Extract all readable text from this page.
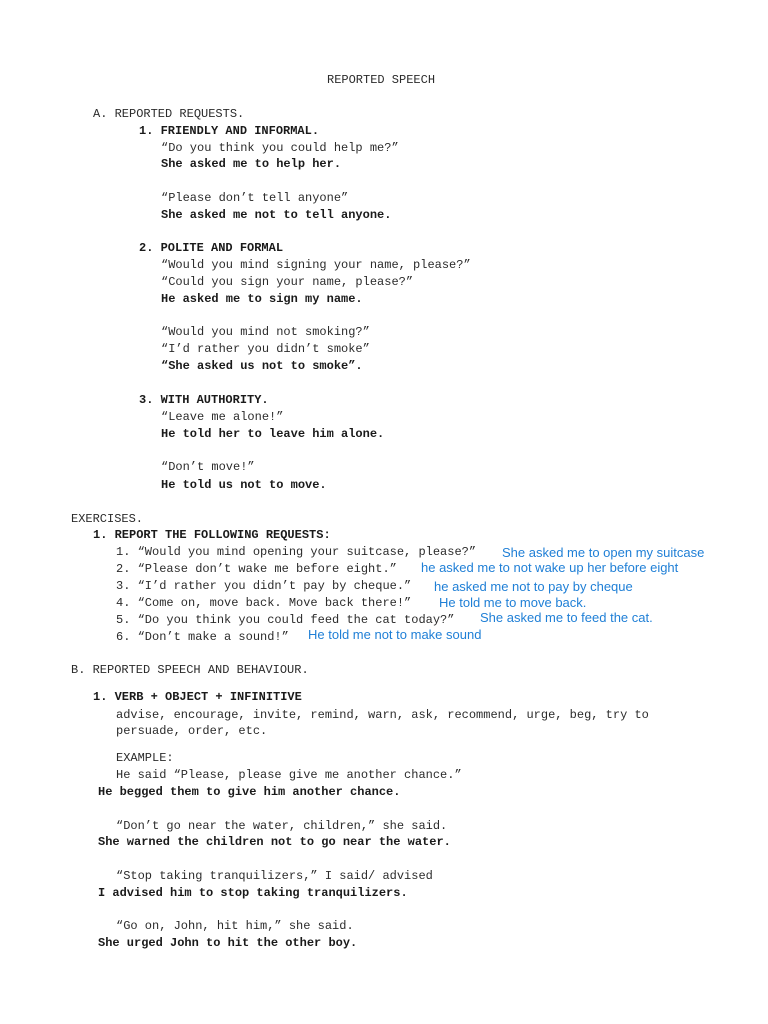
REPORTED SPEECH
A. REPORTED REQUESTS.
1. FRIENDLY AND INFORMAL.
“Do you think you could help me?”
She asked me to help her.
“Please don’t tell anyone”
She asked me not to tell anyone.
2. POLITE AND FORMAL
“Would you mind signing your name, please?”
“Could you sign your name, please?”
He asked me to sign my name.
“Would you mind not smoking?”
“I’d rather you didn’t smoke”
“She asked us not to smoke”.
3. WITH AUTHORITY.
“Leave me alone!”
He told her to leave him alone.
“Don’t move!”
He told us not to move.
EXERCISES.
1. REPORT THE FOLLOWING REQUESTS:
1. “Would you mind opening your suitcase, please?” She asked me to open my suitcase
2. “Please don’t wake me before eight.” he asked me to not wake up her before eight
3. “I’d rather you didn’t pay by cheque.” he asked me not to pay by cheque
4. “Come on, move back. Move back there!” He told me to move back.
5. “Do you think you could feed the cat today?” She asked me to feed the cat.
6. “Don’t make a sound!” He told me not to make sound
B. REPORTED SPEECH AND BEHAVIOUR.
1. VERB + OBJECT + INFINITIVE
advise, encourage, invite, remind, warn, ask, recommend, urge, beg, try to
persuade, order, etc.
EXAMPLE:
He said “Please, please give me another chance.”
He begged them to give him another chance.
“Don’t go near the water, children,” she said.
She warned the children not to go near the water.
“Stop taking tranquilizers,” I said/ advised
I advised him to stop taking tranquilizers.
“Go on, John, hit him,” she said.
She urged John to hit the other boy.
